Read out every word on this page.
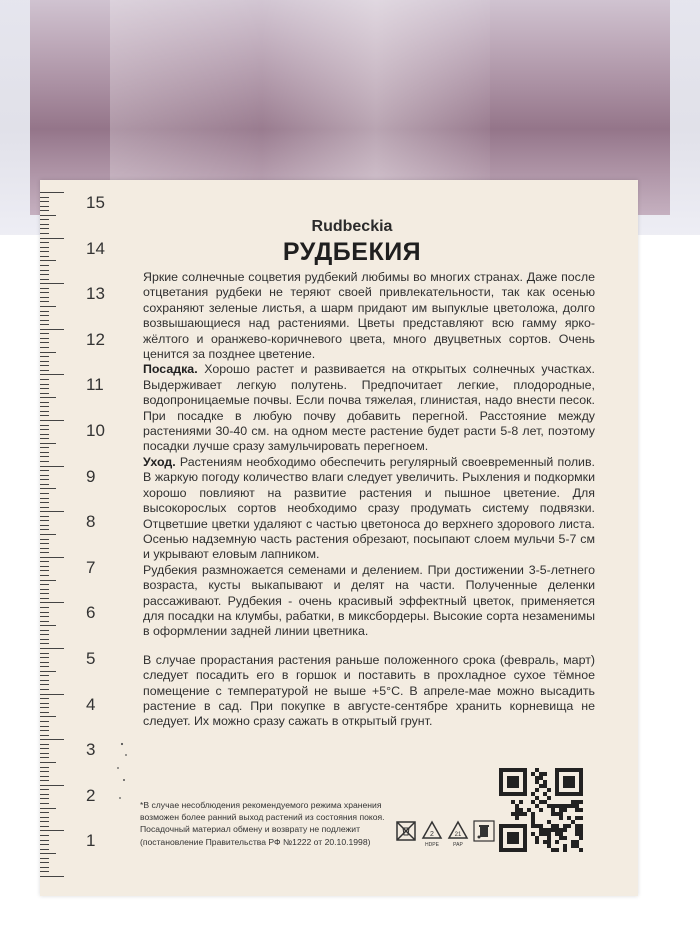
15
14
13
12
11
10
9
8
7
6
5
4
3
2
1
Rudbeckia
РУДБЕКИЯ

Яркие солнечные соцветия рудбекий любимы во многих странах. Даже после отцветания рудбеки не теряют своей привлекательности, так как осенью сохраняют зеленые листья, а шарм придают им выпуклые цветоложа, долго возвышающиеся над растениями. Цветы представляют всю гамму ярко-жёлтого и оранжево-коричневого цвета, много двуцветных сортов. Очень ценится за позднее цветение.

Посадка. Хорошо растет и развивается на открытых солнечных участках. Выдерживает легкую полутень. Предпочитает легкие, плодородные, водопроницаемые почвы. Если почва тяжелая, глинистая, надо внести песок. При посадке в любую почву добавить перегной. Расстояние между растениями 30-40 см. на одном месте растение будет расти 5-8 лет, поэтому посадки лучше сразу замульчировать перегноем.

Уход. Растениям необходимо обеспечить регулярный своевременный полив. В жаркую погоду количество влаги следует увеличить. Рыхления и подкормки хорошо повлияют на развитие растения и пышное цветение. Для высокорослых сортов необходимо сразу продумать систему подвязки. Отцветшие цветки удаляют с частью цветоноса до верхнего здорового листа. Осенью надземную часть растения обрезают, посыпают слоем мульчи 5-7 см и укрывают еловым лапником.

Рудбекия размножается семенами и делением. При достижении 3-5-летнего возраста, кусты выкапывают и делят на части. Полученные деленки рассаживают. Рудбекия - очень красивый эффектный цветок, применяется для посадки на клумбы, рабатки, в миксбордеры. Высокие сорта незаменимы в оформлении задней линии цветника.

В случае прорастания растения раньше положенного срока (февраль, март) следует посадить его в горшок и поставить в прохладное сухое тёмное помещение с температурой не выше +5°С. В апреле-мае можно высадить растение в сад. При покупке в августе-сентябре хранить корневища не следует. Их можно сразу сажать в открытый грунт.

*В случае несоблюдения рекомендуемого режима хранения возможен более ранний выход растений из состояния покоя.
Посадочный материал обмену и возврату не подлежит (постановление Правительства РФ №1222 от 20.10.1998)
2	21
HDPE	PAP
